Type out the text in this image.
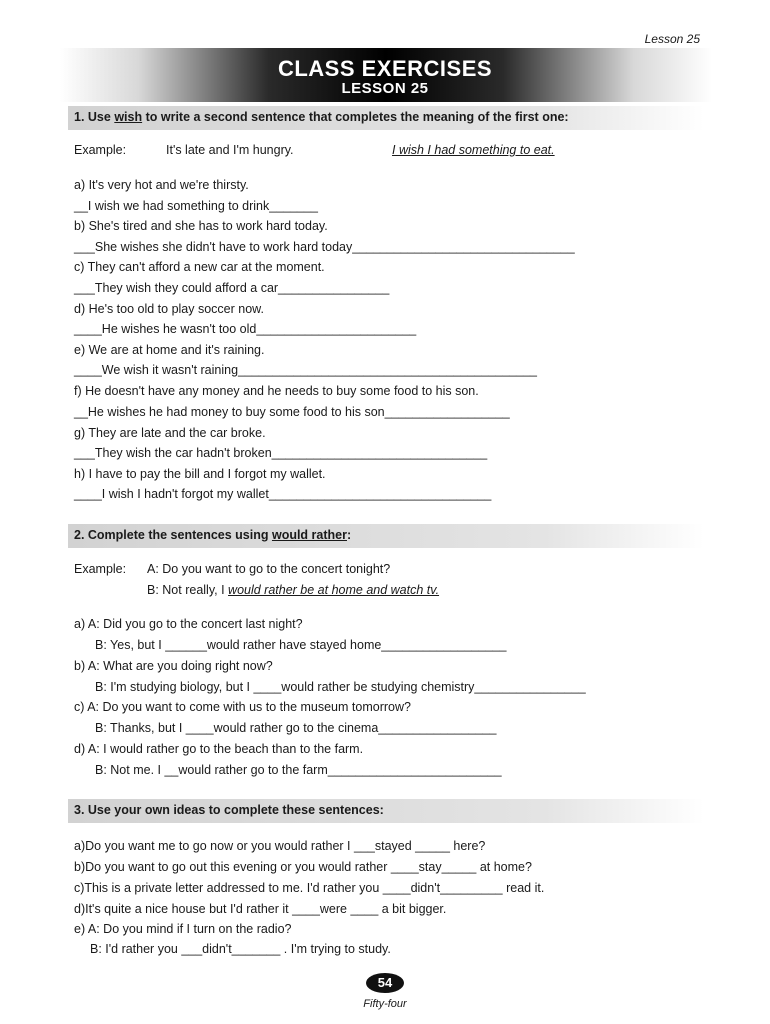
Lesson 25
CLASS EXERCISES
LESSON 25
1. Use wish to write a second sentence that completes the meaning of the first one:
Example:	It's late and I'm hungry.	I wish I had something to eat.
a) It's very hot and we're thirsty.
__I wish we had something to drink_______
b) She's tired and she has to work hard today.
___She wishes she didn't have to work hard today________________________________
c) They can't afford a new car at the moment.
___They wish they could afford a car________________
d) He's too old to play soccer now.
____He wishes he wasn't too old_______________________
e) We are at home and it's raining.
____We wish it wasn't raining___________________________________________
f) He doesn't have any money and he needs to buy some food to his son.
__He wishes he had money to buy some food to his son__________________
g) They are late and the car broke.
___They wish the car hadn't broken_______________________________
h) I have to pay the bill and I forgot my wallet.
____I wish I hadn't forgot my wallet________________________________
2. Complete the sentences using would rather:
Example: A: Do you want to go to the concert tonight?
B: Not really, I would rather be at home and watch tv.
a) A: Did you go to the concert last night?
B: Yes, but I ______would rather have stayed home__________________
b) A: What are you doing right now?
B: I'm studying biology, but I ____would rather be studying chemistry________________
c) A: Do you want to come with us to the museum tomorrow?
B: Thanks, but I ____would rather go to the cinema_________________
d) A: I would rather go to the beach than to the farm.
B: Not me. I __would rather go to the farm_________________________
3. Use your own ideas to complete these sentences:
a)Do you want me to go now or you would rather I ___stayed _____ here?
b)Do you want to go out this evening or you would rather ____stay_____ at home?
c)This is a private letter addressed to me. I'd rather you ____didn't_________ read it.
d)It's quite a nice house but I'd rather it ____were ____ a bit bigger.
e) A: Do you mind if I turn on the radio?
B: I'd rather you ___didn't_______ . I'm trying to study.
54
Fifty-four
